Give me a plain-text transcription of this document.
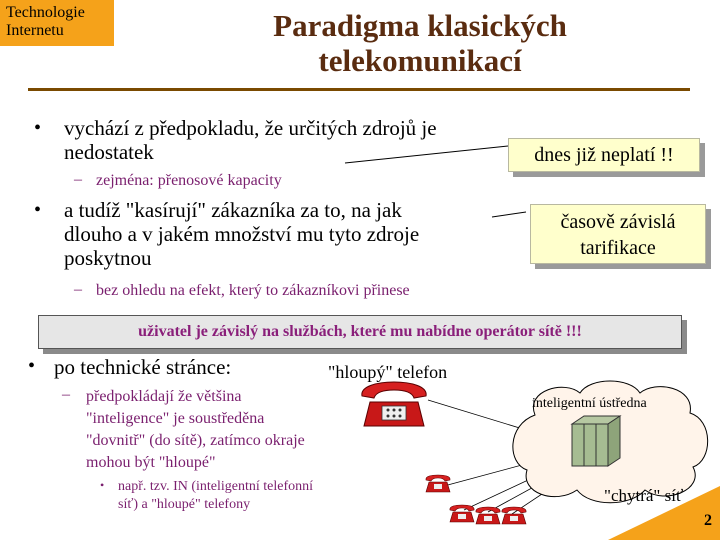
Technologie
Internetu	Paradigma klasických
telekomunikací
• vychází z předpokladu, že určitých zdrojů je
nedostatek
– zejména: přenosové kapacity
• a tudíž "kasírují" zákazníka za to, na jak
dlouho a v jakém množství mu tyto zdroje
poskytnou
– bez ohledu na efekt, který to zákazníkovi přinese
dnes již neplatí !!
časově závislá
tarifikace
uživatel je závislý na službách, které mu nabídne operátor sítě !!!
• po technické stránce:
– předpokládají že většina
"inteligence" je soustředěna
"dovnitř" (do sítě), zatímco okraje
mohou být "hloupé"
• např. tzv. IN (inteligentní telefonní
síť) a "hloupé" telefony
"hloupý" telefon
inteligentní ústředna
"chytrá" síť
2
